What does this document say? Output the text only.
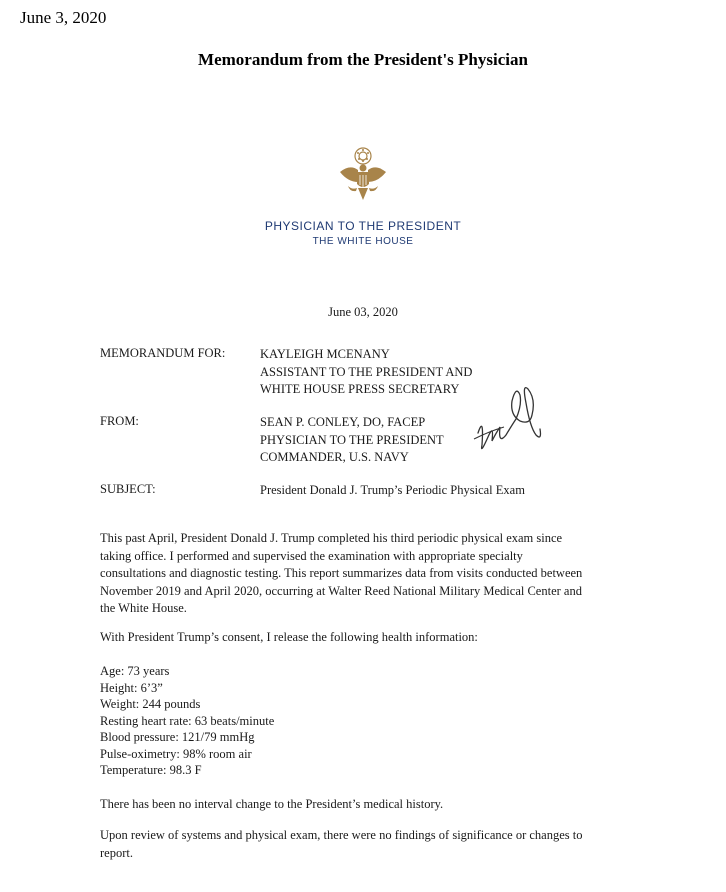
June 3, 2020
Memorandum from the President's Physician
PHYSICIAN TO THE PRESIDENT
THE WHITE HOUSE
June 03, 2020
MEMORANDUM FOR:	KAYLEIGH MCENANY
ASSISTANT TO THE PRESIDENT AND
WHITE HOUSE PRESS SECRETARY
FROM:	SEAN P. CONLEY, DO, FACEP
PHYSICIAN TO THE PRESIDENT
COMMANDER, U.S. NAVY
SUBJECT:	President Donald J. Trump’s Periodic Physical Exam
This past April, President Donald J. Trump completed his third periodic physical exam since
taking office. I performed and supervised the examination with appropriate specialty
consultations and diagnostic testing. This report summarizes data from visits conducted between
November 2019 and April 2020, occurring at Walter Reed National Military Medical Center and
the White House.
With President Trump’s consent, I release the following health information:
Age: 73 years
Height: 6’3”
Weight: 244 pounds
Resting heart rate: 63 beats/minute
Blood pressure: 121/79 mmHg
Pulse-oximetry: 98% room air
Temperature: 98.3 F
There has been no interval change to the President’s medical history.
Upon review of systems and physical exam, there were no findings of significance or changes to
report.
